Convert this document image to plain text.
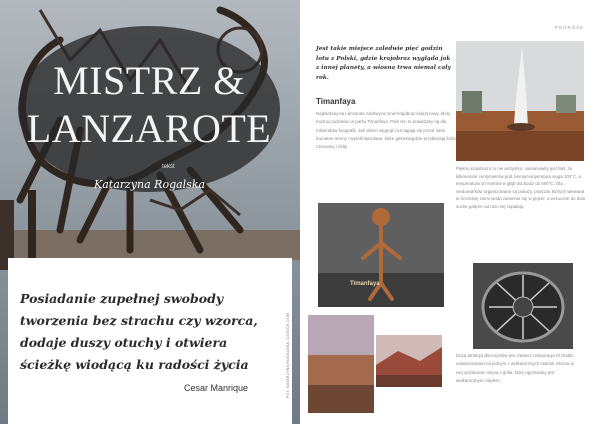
MISTRZ &
LANZAROTE
tekst
Katarzyna Rogalska
Posiadanie zupełnej swobody tworzenia bez strachu czy wzorca, dodaje duszy otuchy i otwiera ścieżkę wiodącą ku radości życia
Cesar Manrique	FOT. KATARZYNA ROGALSKA, CSTOCK.COM
PODRÓŻE
Jest takie miejsce zaledwie pięć godzin lotu z Polski, gdzie krajobraz wygląda jak z innej planety, a wiosna trwa niemal cały rok.
Timanfaya
Najbardziej na Lanzarote zachwyca mnie krajobraz księżycowy, który można podziwiać w parku Timanfaya. Park ten to prawdziwy raj dla miłośników fotografii. Jak okiem sięgnąć rozciągają się przed nami brunatne tereny i wyschnięta lawa, które gdzieniegdzie przybierają kolor czerwony i żółty.
Piękno krajobrazu to nie wszystko, niesamowity jest fakt, że kilkanaście centymetrów pod ziemią temperatura sięga 100°C, a temperatura 10 metrów w głąb dochodzi do 600°C. Dla niedowiarków organizowane są pokazy, podczas których wlewana w szczelinę ziemi woda zamienia się w gejzer, a wrzucone do dołu suche gałęzie od razu się zapalają.
Timanfaya
Dużą atrakcją dla turystów jest również restauracja El Diablo umiejscowiona na jednym z wulkanicznych stoków. Można w niej spróbować mięsa z grilla, który ogrzewany jest wulkanicznym ciepłem.
